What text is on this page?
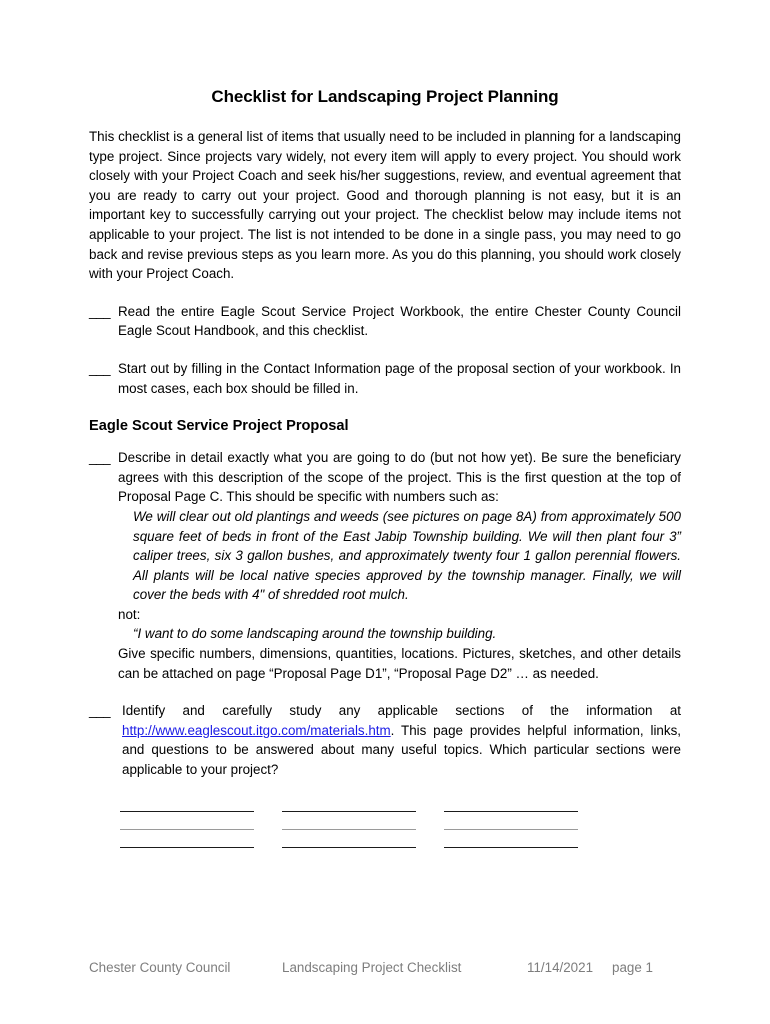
Checklist for Landscaping Project Planning

This checklist is a general list of items that usually need to be included in planning for a landscaping type project. Since projects vary widely, not every item will apply to every project. You should work closely with your Project Coach and seek his/her suggestions, review, and eventual agreement that you are ready to carry out your project. Good and thorough planning is not easy, but it is an important key to successfully carrying out your project. The checklist below may include items not applicable to your project. The list is not intended to be done in a single pass, you may need to go back and revise previous steps as you learn more. As you do this planning, you should work closely with your Project Coach.

___ Read the entire Eagle Scout Service Project Workbook, the entire Chester County Council Eagle Scout Handbook, and this checklist.
___ Start out by filling in the Contact Information page of the proposal section of your workbook. In most cases, each box should be filled in.
Eagle Scout Service Project Proposal
___ Describe in detail exactly what you are going to do (but not how yet). Be sure the beneficiary agrees with this description of the scope of the project. This is the first question at the top of Proposal Page C. This should be specific with numbers such as:

We will clear out old plantings and weeds (see pictures on page 8A) from approximately 500 square feet of beds in front of the East Jabip Township building. We will then plant four 3” caliper trees, six 3 gallon bushes, and approximately twenty four 1 gallon perennial flowers. All plants will be local native species approved by the township manager. Finally, we will cover the beds with 4" of shredded root mulch.

not:

“I want to do some landscaping around the township building.

Give specific numbers, dimensions, quantities, locations. Pictures, sketches, and other details can be attached on page “Proposal Page D1”, “Proposal Page D2” … as needed.

___ Identify and carefully study any applicable sections of the information at http://www.eaglescout.itgo.com/materials.htm. This page provides helpful information, links, and questions to be answered about many useful topics. Which particular sections were applicable to your project?
Chester County Council	Landscaping Project Checklist	11/14/2021	page 1
